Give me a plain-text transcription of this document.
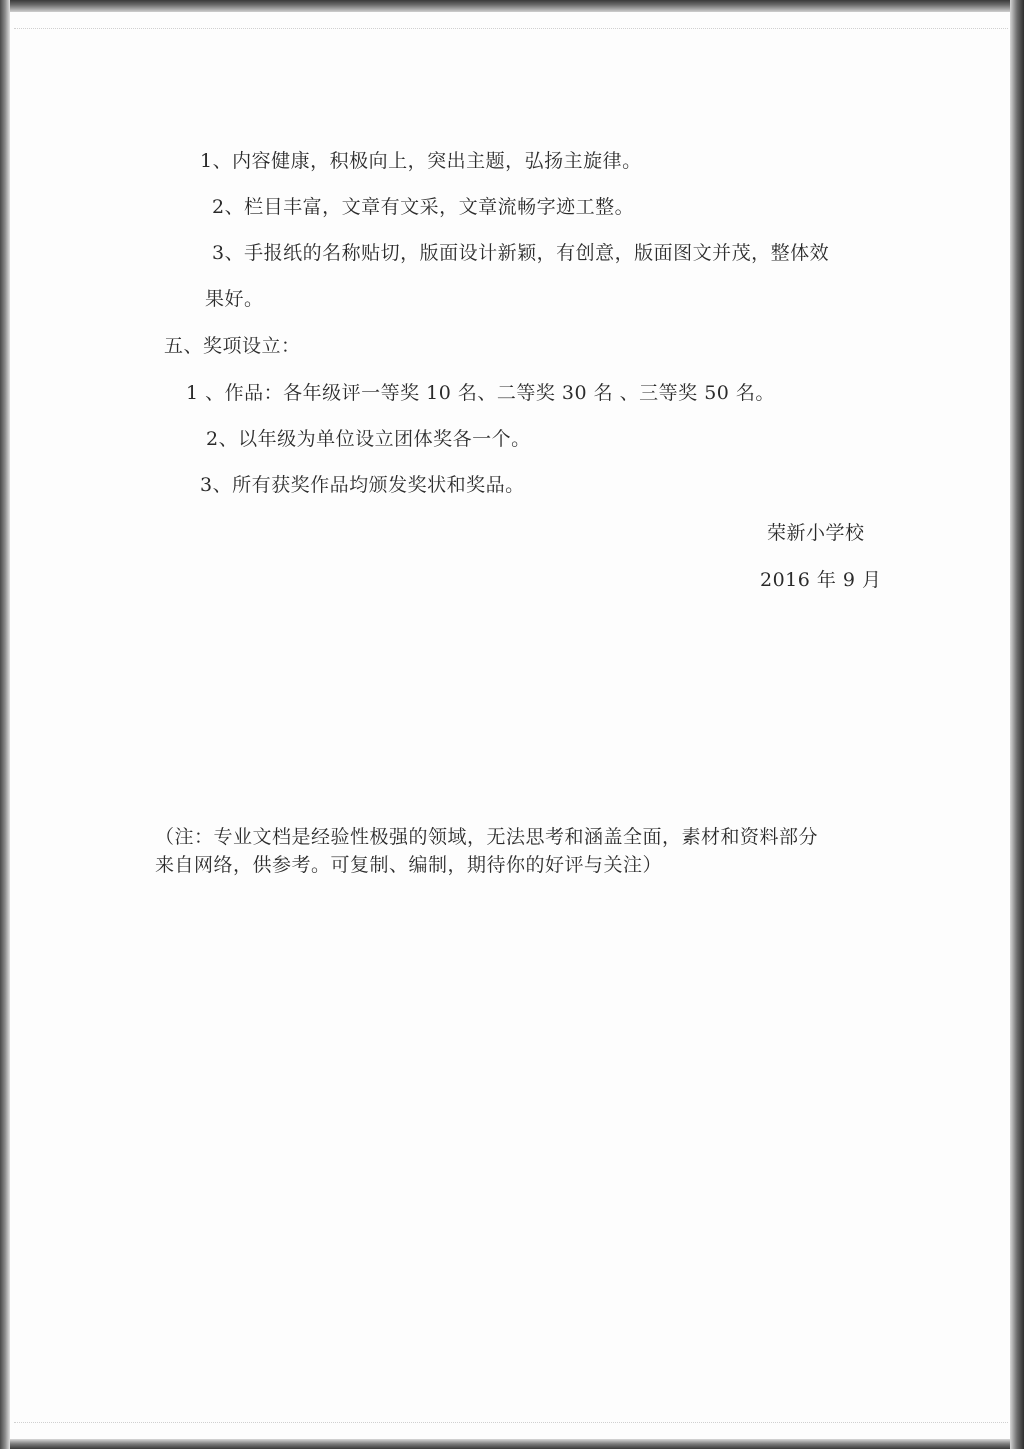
1、内容健康，积极向上，突出主题，弘扬主旋律。
2、栏目丰富，文章有文采，文章流畅字迹工整。
3、手报纸的名称贴切，版面设计新颖，有创意，版面图文并茂，整体效
果好。
五、奖项设立：
1 、作品：各年级评一等奖 10 名、二等奖 30 名 、三等奖 50 名。
2、以年级为单位设立团体奖各一个。
3、所有获奖作品均颁发奖状和奖品。
荣新小学校
2016 年 9 月
（注：专业文档是经验性极强的领域，无法思考和涵盖全面，素材和资料部分
来自网络，供参考。可复制、编制，期待你的好评与关注）
